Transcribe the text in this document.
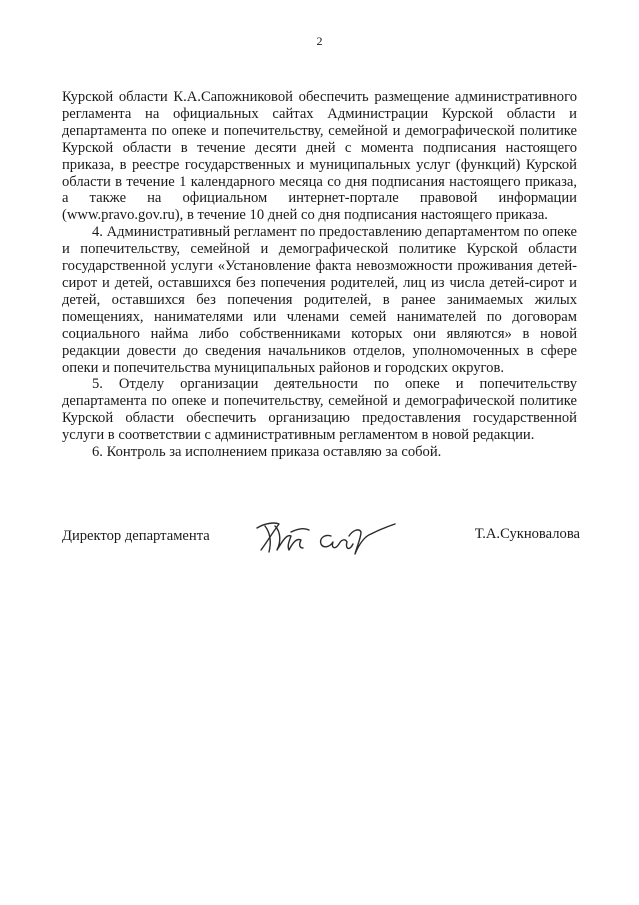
2

Курской области К.А.Сапожниковой обеспечить размещение административного регламента на официальных сайтах Администрации Курской области и департамента по опеке и попечительству, семейной и демографической политике Курской области в течение десяти дней с момента подписания настоящего приказа, в реестре государственных и муниципальных услуг (функций) Курской области в течение 1 календарного месяца со дня подписания настоящего приказа, а также на официальном интернет-портале правовой информации (www.pravo.gov.ru), в течение 10 дней со дня подписания настоящего приказа.

4. Административный регламент по предоставлению департаментом по опеке и попечительству, семейной и демографической политике Курской области государственной услуги «Установление факта невозможности проживания детей-сирот и детей, оставшихся без попечения родителей, лиц из числа детей-сирот и детей, оставшихся без попечения родителей, в ранее занимаемых жилых помещениях, нанимателями или членами семей нанимателей по договорам социального найма либо собственниками которых они являются» в новой редакции довести до сведения начальников отделов, уполномоченных в сфере опеки и попечительства муниципальных районов и городских округов.

5. Отделу организации деятельности по опеке и попечительству департамента по опеке и попечительству, семейной и демографической политике Курской области обеспечить организацию предоставления государственной услуги в соответствии с административным регламентом в новой редакции.

6. Контроль за исполнением приказа оставляю за собой.

Директор департамента	Т.А.Сукновалова
